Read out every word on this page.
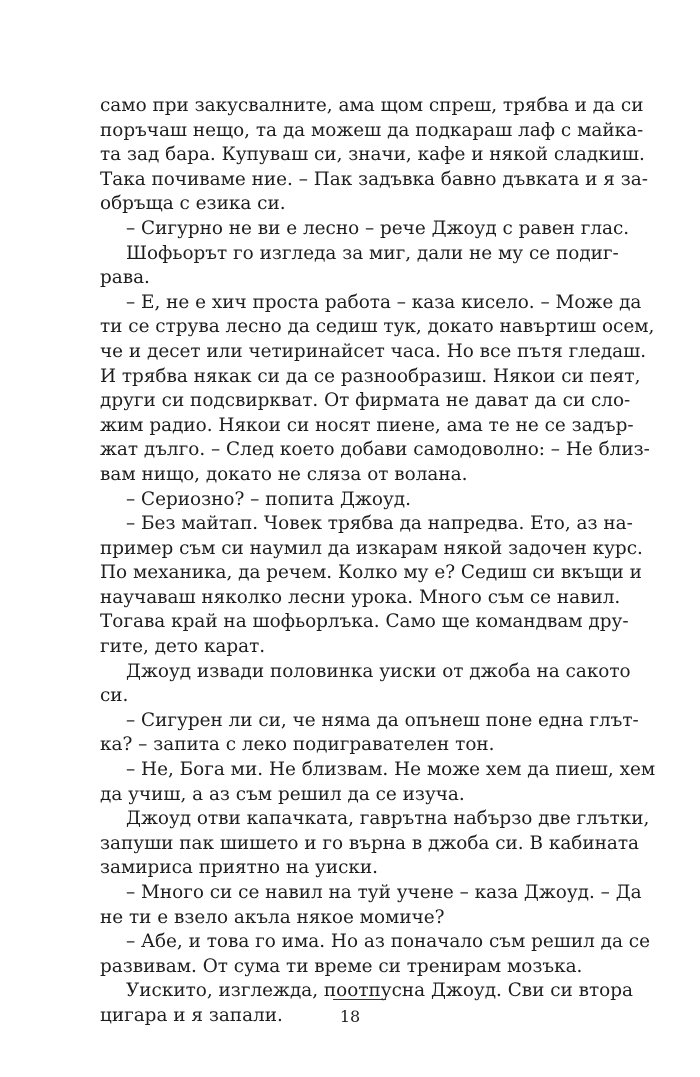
само при закусвалните, ама щом спреш, трябва и да си
поръчаш нещо, та да можеш да подкараш лаф с майка-
та зад бара. Купуваш си, значи, кафе и някой сладкиш.
Така почиваме ние. – Пак задъвка бавно дъвката и я за-
обръща с езика си.
– Сигурно не ви е лесно – рече Джоуд с равен глас.
Шофьорът го изгледа за миг, дали не му се подиг-
рава.
– Е, не е хич проста работа – каза кисело. – Може да
ти се струва лесно да седиш тук, докато навъртиш осем,
че и десет или четиринайсет часа. Но все пътя гледаш.
И трябва някак си да се разнообразиш. Някои си пеят,
други си подсвиркват. От фирмата не дават да си сло-
жим радио. Някои си носят пиене, ама те не се задър-
жат дълго. – След което добави самодоволно: – Не близ-
вам нищо, докато не сляза от волана.
– Сериозно? – попита Джоуд.
– Без майтап. Човек трябва да напредва. Ето, аз на-
пример съм си наумил да изкарам някой задочен курс.
По механика, да речем. Колко му е? Седиш си вкъщи и
научаваш няколко лесни урока. Много съм се навил.
Тогава край на шофьорлъка. Само ще командвам дру-
гите, дето карат.
Джоуд извади половинка уиски от джоба на сакото
си.
– Сигурен ли си, че няма да опънеш поне една глът-
ка? – запита с леко подигравателен тон.
– Не, Бога ми. Не близвам. Не може хем да пиеш, хем
да учиш, а аз съм решил да се изуча.
Джоуд отви капачката, гаврътна набързо две глътки,
запуши пак шишето и го върна в джоба си. В кабината
замириса приятно на уиски.
– Много си се навил на туй учене – каза Джоуд. – Да
не ти е взело акъла някое момиче?
– Абе, и това го има. Но аз поначало съм решил да се
развивам. От сума ти време си тренирам мозъка.
Уискито, изглежда, поотпусна Джоуд. Сви си втора
цигара и я запали.	18
